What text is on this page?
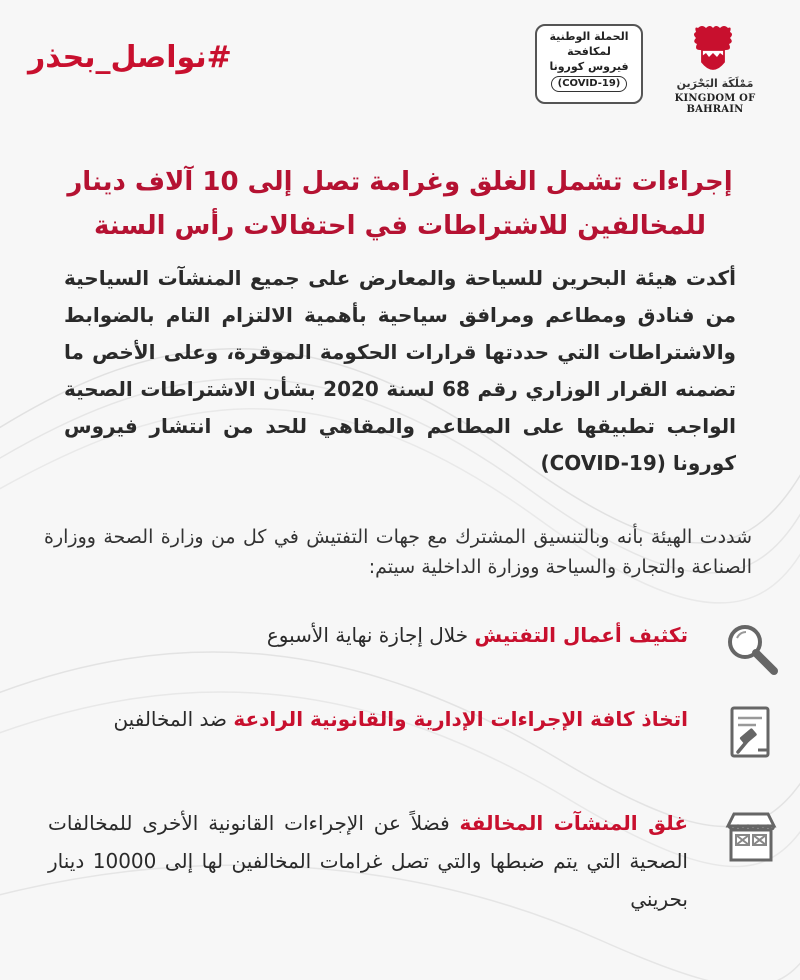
#نواصل_بحذر
الحملة الوطنية
لمكافحة
فيروس كورونا
(COVID-19)	مَمْلَكَة البَحْرَين
KINGDOM OF BAHRAIN
إجراءات تشمل الغلق وغرامة تصل إلى 10 آلاف دينار
للمخالفين للاشتراطات في احتفالات رأس السنة

أكدت هيئة البحرين للسياحة والمعارض على جميع المنشآت السياحية من فنادق ومطاعم ومرافق سياحية بأهمية الالتزام التام بالضوابط والاشتراطات التي حددتها قرارات الحكومة الموقرة، وعلى الأخص ما تضمنه القرار الوزاري رقم 68 لسنة 2020 بشأن الاشتراطات الصحية الواجب تطبيقها على المطاعم والمقاهي للحد من انتشار فيروس كورونا (COVID-19)

شددت الهيئة بأنه وبالتنسيق المشترك مع جهات التفتيش في كل من وزارة الصحة ووزارة الصناعة والتجارة والسياحة ووزارة الداخلية سيتم:

تكثيف أعمال التفتيش خلال إجازة نهاية الأسبوع

اتخاذ كافة الإجراءات الإدارية والقانونية الرادعة ضد المخالفين

غلق المنشآت المخالفة فضلاً عن الإجراءات القانونية الأخرى للمخالفات الصحية التي يتم ضبطها والتي تصل غرامات المخالفين لها إلى 10000 دينار بحريني
